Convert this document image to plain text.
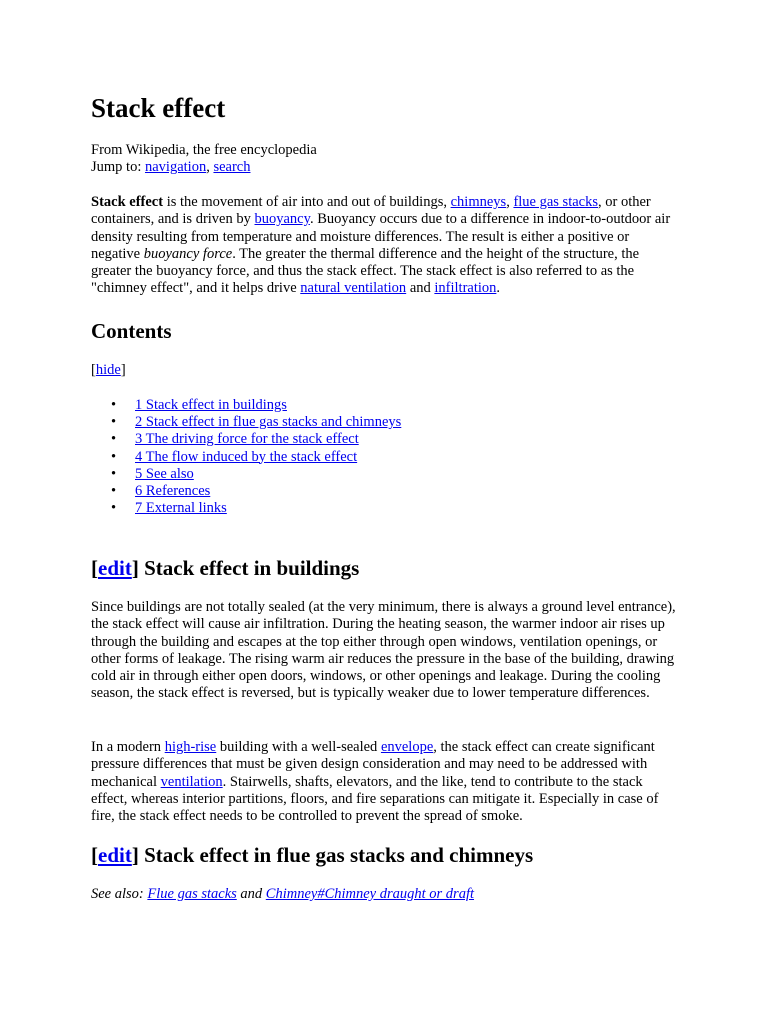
Stack effect

From Wikipedia, the free encyclopedia

Jump to: navigation, search

Stack effect is the movement of air into and out of buildings, chimneys, flue gas stacks, or other containers, and is driven by buoyancy. Buoyancy occurs due to a difference in indoor-to-outdoor air density resulting from temperature and moisture differences. The result is either a positive or negative buoyancy force. The greater the thermal difference and the height of the structure, the greater the buoyancy force, and thus the stack effect. The stack effect is also referred to as the "chimney effect", and it helps drive natural ventilation and infiltration.

Contents

[hide]

• 1 Stack effect in buildings
• 2 Stack effect in flue gas stacks and chimneys
• 3 The driving force for the stack effect
• 4 The flow induced by the stack effect
• 5 See also
• 6 References
• 7 External links
[edit] Stack effect in buildings

Since buildings are not totally sealed (at the very minimum, there is always a ground level entrance), the stack effect will cause air infiltration. During the heating season, the warmer indoor air rises up through the building and escapes at the top either through open windows, ventilation openings, or other forms of leakage. The rising warm air reduces the pressure in the base of the building, drawing cold air in through either open doors, windows, or other openings and leakage. During the cooling season, the stack effect is reversed, but is typically weaker due to lower temperature differences.

In a modern high-rise building with a well-sealed envelope, the stack effect can create significant pressure differences that must be given design consideration and may need to be addressed with mechanical ventilation. Stairwells, shafts, elevators, and the like, tend to contribute to the stack effect, whereas interior partitions, floors, and fire separations can mitigate it. Especially in case of fire, the stack effect needs to be controlled to prevent the spread of smoke.

[edit] Stack effect in flue gas stacks and chimneys

See also: Flue gas stacks and Chimney#Chimney draught or draft
